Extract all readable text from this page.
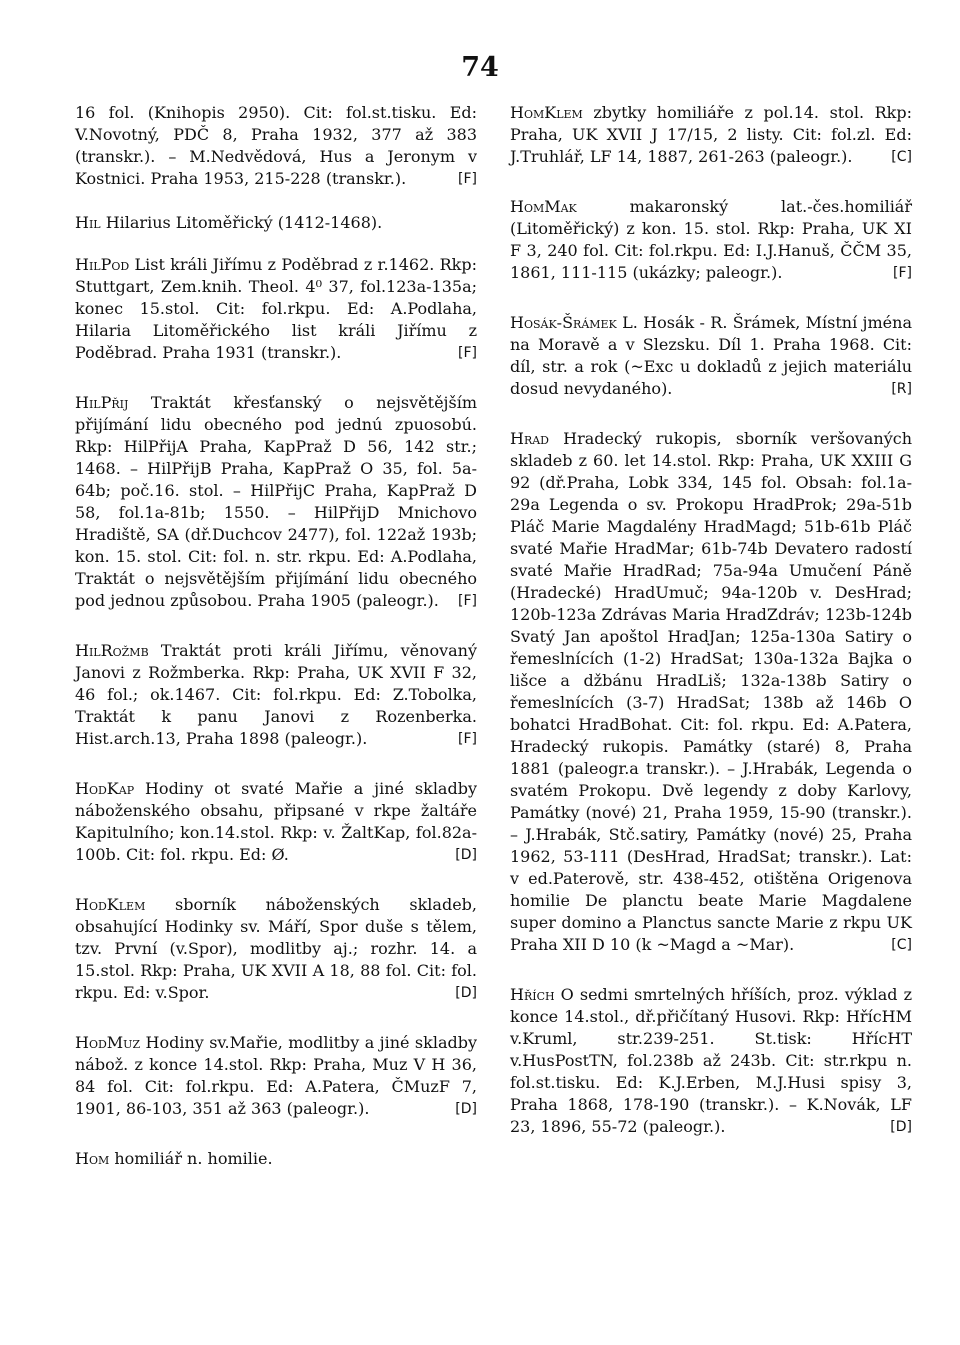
74

16 fol. (Knihopis 2950). Cit: fol.st.tisku. Ed: V.Novotný, PDČ 8, Praha 1932, 377 až 383 (transkr.). – M.Nedvědová, Hus a Jeronym v Kostnici. Praha 1953, 215-228 (transkr.).	[F]

Hil Hilarius Litoměřický (1412-1468).

HilPod List králi Jiřímu z Poděbrad z r.1462. Rkp: Stuttgart, Zem.knih. Theol. 4⁰ 37, fol.123a-135a; konec 15.stol. Cit: fol.rkpu. Ed: A.Podlaha, Hilaria Litoměřického list králi Jiřímu z Poděbrad. Praha 1931 (transkr.).	[F]

HilPřij Traktát křesťanský o nejsvětějším přijímání lidu obecného pod jednú zpuosobú. Rkp: HilPřijA Praha, KapPraž D 56, 142 str.; 1468. – HilPřijB Praha, KapPraž O 35, fol. 5a-64b; poč.16. stol. – HilPřijC Praha, KapPraž D 58, fol.1a-81b; 1550. – HilPřijD Mnichovo Hradiště, SA (dř.Duchcov 2477), fol. 122až 193b; kon. 15. stol. Cit: fol. n. str. rkpu. Ed: A.Podlaha, Traktát o nejsvětějším přijímání lidu obecného pod jednou způsobou. Praha 1905 (paleogr.). [F]

HilRožmb Traktát proti králi Jiřímu, věnovaný Janovi z Rožmberka. Rkp: Praha, UK XVII F 32, 46 fol.; ok.1467. Cit: fol.rkpu. Ed: Z.Tobolka, Traktát k panu Janovi z Rozenberka. Hist.arch.13, Praha 1898 (paleogr.).	[F]

HodKap Hodiny ot svaté Mařie a jiné skladby náboženského obsahu, připsané v rkpe žaltáře Kapitulního; kon.14.stol. Rkp: v. ŽaltKap, fol.82a-100b. Cit: fol. rkpu. Ed: Ø.	[D]

HodKlem sborník náboženských skladeb, obsahující Hodinky sv. Máří, Spor duše s tělem, tzv. První (v.Spor), modlitby aj.; rozhr. 14. a 15.stol. Rkp: Praha, UK XVII A 18, 88 fol. Cit: fol. rkpu. Ed: v.Spor.	[D]

HodMuz Hodiny sv.Mařie, modlitby a jiné skladby nábož. z konce 14.stol. Rkp: Praha, Muz V H 36, 84 fol. Cit: fol.rkpu. Ed: A.Patera, ČMuzF 7, 1901, 86-103, 351 až 363 (paleogr.).	[D]

Hom homiliář n. homilie.

HomKlem zbytky homiliáře z pol.14. stol. Rkp: Praha, UK XVII J 17/15, 2 listy. Cit: fol.zl. Ed: J.Truhlář, LF 14, 1887, 261-263 (paleogr.).	[C]

HomMak makaronský lat.-čes.homiliář (Litoměřický) z kon. 15. stol. Rkp: Praha, UK XI F 3, 240 fol. Cit: fol.rkpu. Ed: I.J.Hanuš, ČČM 35, 1861, 111-115 (ukázky; paleogr.).	[F]

Hosák-Šrámek L. Hosák - R. Šrámek, Místní jména na Moravě a v Slezsku. Díl 1. Praha 1968. Cit: díl, str. a rok (~Exc u dokladů z jejich materiálu dosud nevydaného).	[R]

Hrad Hradecký rukopis, sborník veršovaných skladeb z 60. let 14.stol. Rkp: Praha, UK XXIII G 92 (dř.Praha, Lobk 334, 145 fol. Obsah: fol.1a-29a Legenda o sv. Prokopu HradProk; 29a-51b Pláč Marie Magdalény HradMagd; 51b-61b Pláč svaté Mařie HradMar; 61b-74b Devatero radostí svaté Mařie HradRad; 75a-94a Umučení Páně (Hradecké) HradUmuč; 94a-120b v. DesHrad; 120b-123a Zdrávas Maria HradZdráv; 123b-124b Svatý Jan apoštol HradJan; 125a-130a Satiry o řemeslnících (1-2) HradSat; 130a-132a Bajka o lišce a džbánu HradLiš; 132a-138b Satiry o řemeslnících (3-7) HradSat; 138b až 146b O bohatci HradBohat. Cit: fol. rkpu. Ed: A.Patera, Hradecký rukopis. Památky (staré) 8, Praha 1881 (paleogr.a transkr.). – J.Hrabák, Legenda o svatém Prokopu. Dvě legendy z doby Karlovy, Památky (nové) 21, Praha 1959, 15-90 (transkr.). – J.Hrabák, Stč.satiry, Památky (nové) 25, Praha 1962, 53-111 (DesHrad, HradSat; transkr.). Lat: v ed.Paterově, str. 438-452, otištěna Origenova homilie De planctu beate Marie Magdalene super domino a Planctus sancte Marie z rkpu UK Praha XII D 10 (k ~Magd a ~Mar).	[C]

Hřích O sedmi smrtelných hříších, proz. výklad z konce 14.stol., dř.přičítaný Husovi. Rkp: HřícHM v.Kruml, str.239-251. St.tisk: HřícHT v.HusPostTN, fol.238b až 243b. Cit: str.rkpu n. fol.st.tisku. Ed: K.J.Erben, M.J.Husi spisy 3, Praha 1868, 178-190 (transkr.). – K.Novák, LF 23, 1896, 55-72 (paleogr.).	[D]
